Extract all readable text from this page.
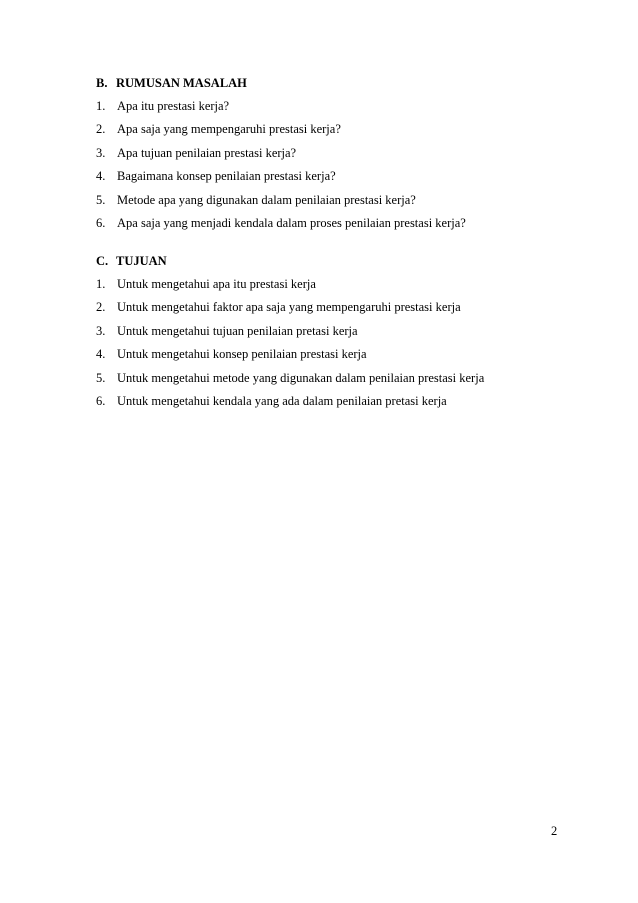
B. RUMUSAN MASALAH
1. Apa itu prestasi kerja?
2. Apa saja yang mempengaruhi prestasi kerja?
3. Apa tujuan penilaian prestasi kerja?
4. Bagaimana konsep penilaian prestasi kerja?
5. Metode apa yang digunakan dalam penilaian prestasi kerja?
6. Apa saja yang menjadi kendala dalam proses penilaian prestasi kerja?
C. TUJUAN
1. Untuk mengetahui apa itu prestasi kerja
2. Untuk mengetahui faktor apa saja yang mempengaruhi prestasi kerja
3. Untuk mengetahui tujuan penilaian pretasi kerja
4. Untuk mengetahui konsep penilaian prestasi kerja
5. Untuk mengetahui metode yang digunakan dalam penilaian prestasi kerja
6. Untuk mengetahui kendala yang ada dalam penilaian pretasi kerja
2
